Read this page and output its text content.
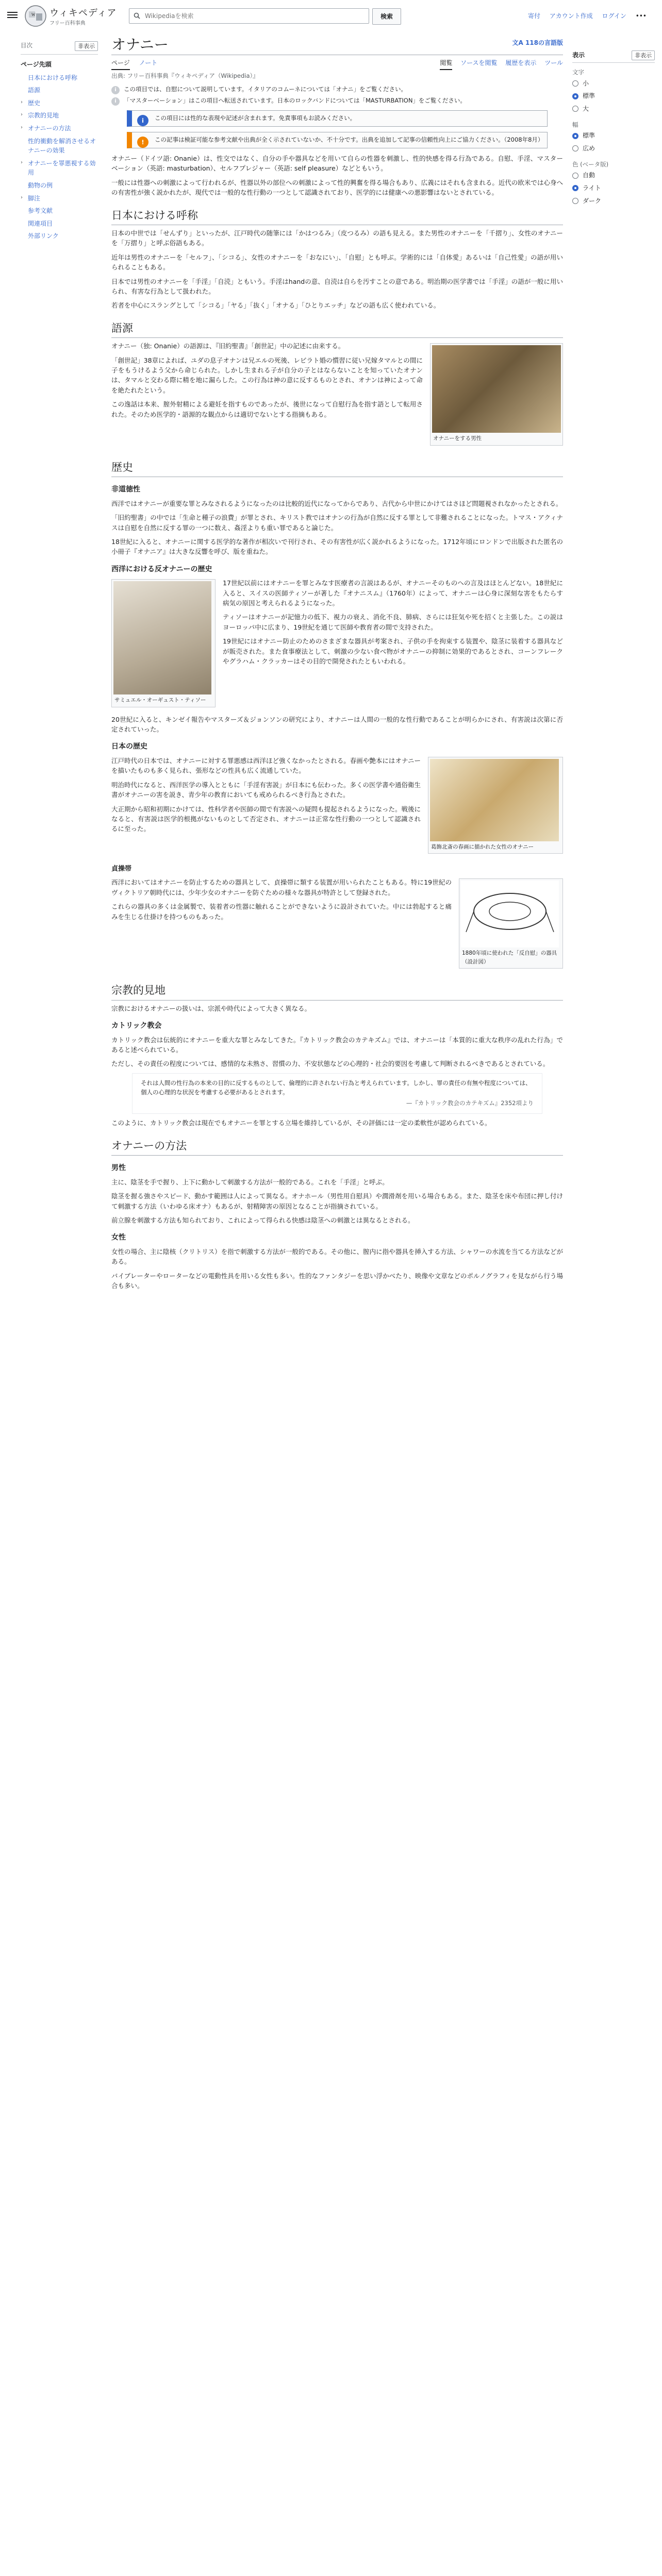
W ウィキペディア
フリー百科事典
Wikipediaを検索
検索	寄付 アカウント作成 ログイン •••
目次	非表示
ページ先頭
日本における呼称
語源
› 歴史
› 宗教的見地
› オナニーの方法
性的衝動を解消させるオナニーの効果
› オナニーを罪悪視する効用
動物の例
› 脚注
参考文献
関連項目
外部リンク
オナニー	文A 118の言語版
ページ ノート	閲覧 ソースを閲覧 履歴を表示 ツール
出典: フリー百科事典『ウィキペディア（Wikipedia）』
i	この項目では、自慰について説明しています。イタリアのコムーネについては「オナニ」をご覧ください。
i	「マスターベーション」はこの項目へ転送されています。日本のロックバンドについては「MASTURBATION」をご覧ください。
i	この項目には性的な表現や記述が含まれます。免責事項もお読みください。
!	この記事は検証可能な参考文献や出典が全く示されていないか、不十分です。出典を追加して記事の信頼性向上にご協力ください。（2008年8月）

オナニー（ドイツ語: Onanie）は、性交ではなく、自分の手や器具などを用いて自らの性器を刺激し、性的快感を得る行為である。自慰、手淫、マスターベーション（英語: masturbation）、セルフプレジャー（英語: self pleasure）などともいう。

一般には性器への刺激によって行われるが、性器以外の部位への刺激によって性的興奮を得る場合もあり、広義にはそれも含まれる。近代の欧米では心身への有害性が強く説かれたが、現代では一般的な性行動の一つとして認識されており、医学的には健康への悪影響はないとされている。

日本における呼称

日本の中世では「せんずり」といったが、江戸時代の随筆には「かはつるみ」（皮つるみ）の語も見える。また男性のオナニーを「千摺り」、女性のオナニーを「万摺り」と呼ぶ俗語もある。

近年は男性のオナニーを「セルフ」、「シコる」、女性のオナニーを「おなにい」、「自慰」とも呼ぶ。学術的には「自体愛」あるいは「自己性愛」の語が用いられることもある。

日本では男性のオナニーを「手淫」「自涜」ともいう。手淫はhandの意、自涜は自らを汚すことの意である。明治期の医学書では「手淫」の語が一般に用いられ、有害な行為として扱われた。

若者を中心にスラングとして「シコる」「ヤる」「抜く」「オナる」「ひとりエッチ」などの語も広く使われている。

語源
オナニーをする男性

オナニー（独: Onanie）の語源は、『旧約聖書』「創世記」中の記述に由来する。

「創世記」38章によれば、ユダの息子オナンは兄エルの死後、レビラト婚の慣習に従い兄嫁タマルとの間に子をもうけるよう父から命じられた。しかし生まれる子が自分の子とはならないことを知っていたオナンは、タマルと交わる際に精を地に漏らした。この行為は神の意に反するものとされ、オナンは神によって命を絶たれたという。

この逸話は本来、膣外射精による避妊を指すものであったが、後世になって自慰行為を指す語として転用された。そのため医学的・語源的な観点からは適切でないとする指摘もある。

歴史
非道徳性

西洋ではオナニーが重要な罪とみなされるようになったのは比較的近代になってからであり、古代から中世にかけてはさほど問題視されなかったとされる。

「旧約聖書」の中では「生命と種子の浪費」が罪とされ、キリスト教ではオナンの行為が自然に反する罪として非難されることになった。トマス・アクィナスは自慰を自然に反する罪の一つに数え、姦淫よりも重い罪であると論じた。

18世紀に入ると、オナニーに関する医学的な著作が相次いで刊行され、その有害性が広く説かれるようになった。1712年頃にロンドンで出版された匿名の小冊子『オナニア』は大きな反響を呼び、版を重ねた。

西洋における反オナニーの歴史
サミュエル・オーギュスト・ティソー

17世紀以前にはオナニーを罪とみなす医療者の言説はあるが、オナニーそのものへの言及はほとんどない。18世紀に入ると、スイスの医師ティソーが著した『オナニスム』（1760年）によって、オナニーは心身に深刻な害をもたらす病気の原因と考えられるようになった。

ティソーはオナニーが記憶力の低下、視力の衰え、消化不良、肺病、さらには狂気や死を招くと主張した。この説はヨーロッパ中に広まり、19世紀を通じて医師や教育者の間で支持された。

19世紀にはオナニー防止のためのさまざまな器具が考案され、子供の手を拘束する装置や、陰茎に装着する器具などが販売された。また食事療法として、刺激の少ない食べ物がオナニーの抑制に効果的であるとされ、コーンフレークやグラハム・クラッカーはその目的で開発されたともいわれる。

20世紀に入ると、キンゼイ報告やマスターズ＆ジョンソンの研究により、オナニーは人間の一般的な性行動であることが明らかにされ、有害説は次第に否定されていった。

日本の歴史
葛飾北斎の春画に描かれた女性のオナニー

江戸時代の日本では、オナニーに対する罪悪感は西洋ほど強くなかったとされる。春画や艶本にはオナニーを描いたものも多く見られ、張形などの性具も広く流通していた。

明治時代になると、西洋医学の導入とともに「手淫有害説」が日本にも伝わった。多くの医学書や通俗衛生書がオナニーの害を説き、青少年の教育においても戒められるべき行為とされた。

大正期から昭和初期にかけては、性科学者や医師の間で有害説への疑問も提起されるようになった。戦後になると、有害説は医学的根拠がないものとして否定され、オナニーは正常な性行動の一つとして認識されるに至った。

貞操帯
1880年頃に使われた「反自慰」の器具（設計図）

西洋においてはオナニーを防止するための器具として、貞操帯に類する装置が用いられたこともある。特に19世紀のヴィクトリア朝時代には、少年少女のオナニーを防ぐための様々な器具が特許として登録された。

これらの器具の多くは金属製で、装着者の性器に触れることができないように設計されていた。中には勃起すると痛みを生じる仕掛けを持つものもあった。

宗教的見地

宗教におけるオナニーの扱いは、宗派や時代によって大きく異なる。

カトリック教会

カトリック教会は伝統的にオナニーを重大な罪とみなしてきた。『カトリック教会のカテキズム』では、オナニーは「本質的に重大な秩序の乱れた行為」であると述べられている。

ただし、その責任の程度については、感情的な未熟さ、習慣の力、不安状態などの心理的・社会的要因を考慮して判断されるべきであるとされている。

それは人間の性行為の本来の目的に反するものとして、倫理的に許されない行為と考えられています。しかし、罪の責任の有無や程度については、個人の心理的な状況を考慮する必要があるとされます。
—『カトリック教会のカテキズム』2352項より

このように、カトリック教会は現在でもオナニーを罪とする立場を維持しているが、その評価には一定の柔軟性が認められている。

オナニーの方法
男性

主に、陰茎を手で握り、上下に動かして刺激する方法が一般的である。これを「手淫」と呼ぶ。

陰茎を握る強さやスピード、動かす範囲は人によって異なる。オナホール（男性用自慰具）や潤滑剤を用いる場合もある。また、陰茎を床や布団に押し付けて刺激する方法（いわゆる床オナ）もあるが、射精障害の原因となることが指摘されている。

前立腺を刺激する方法も知られており、これによって得られる快感は陰茎への刺激とは異なるとされる。

女性

女性の場合、主に陰核（クリトリス）を指で刺激する方法が一般的である。その他に、膣内に指や器具を挿入する方法、シャワーの水流を当てる方法などがある。

バイブレーターやローターなどの電動性具を用いる女性も多い。性的なファンタジーを思い浮かべたり、映像や文章などのポルノグラフィを見ながら行う場合も多い。

表示	非表示
文字
小
標準
大
幅
標準
広め
色 (ベータ版)
自動
ライト
ダーク
